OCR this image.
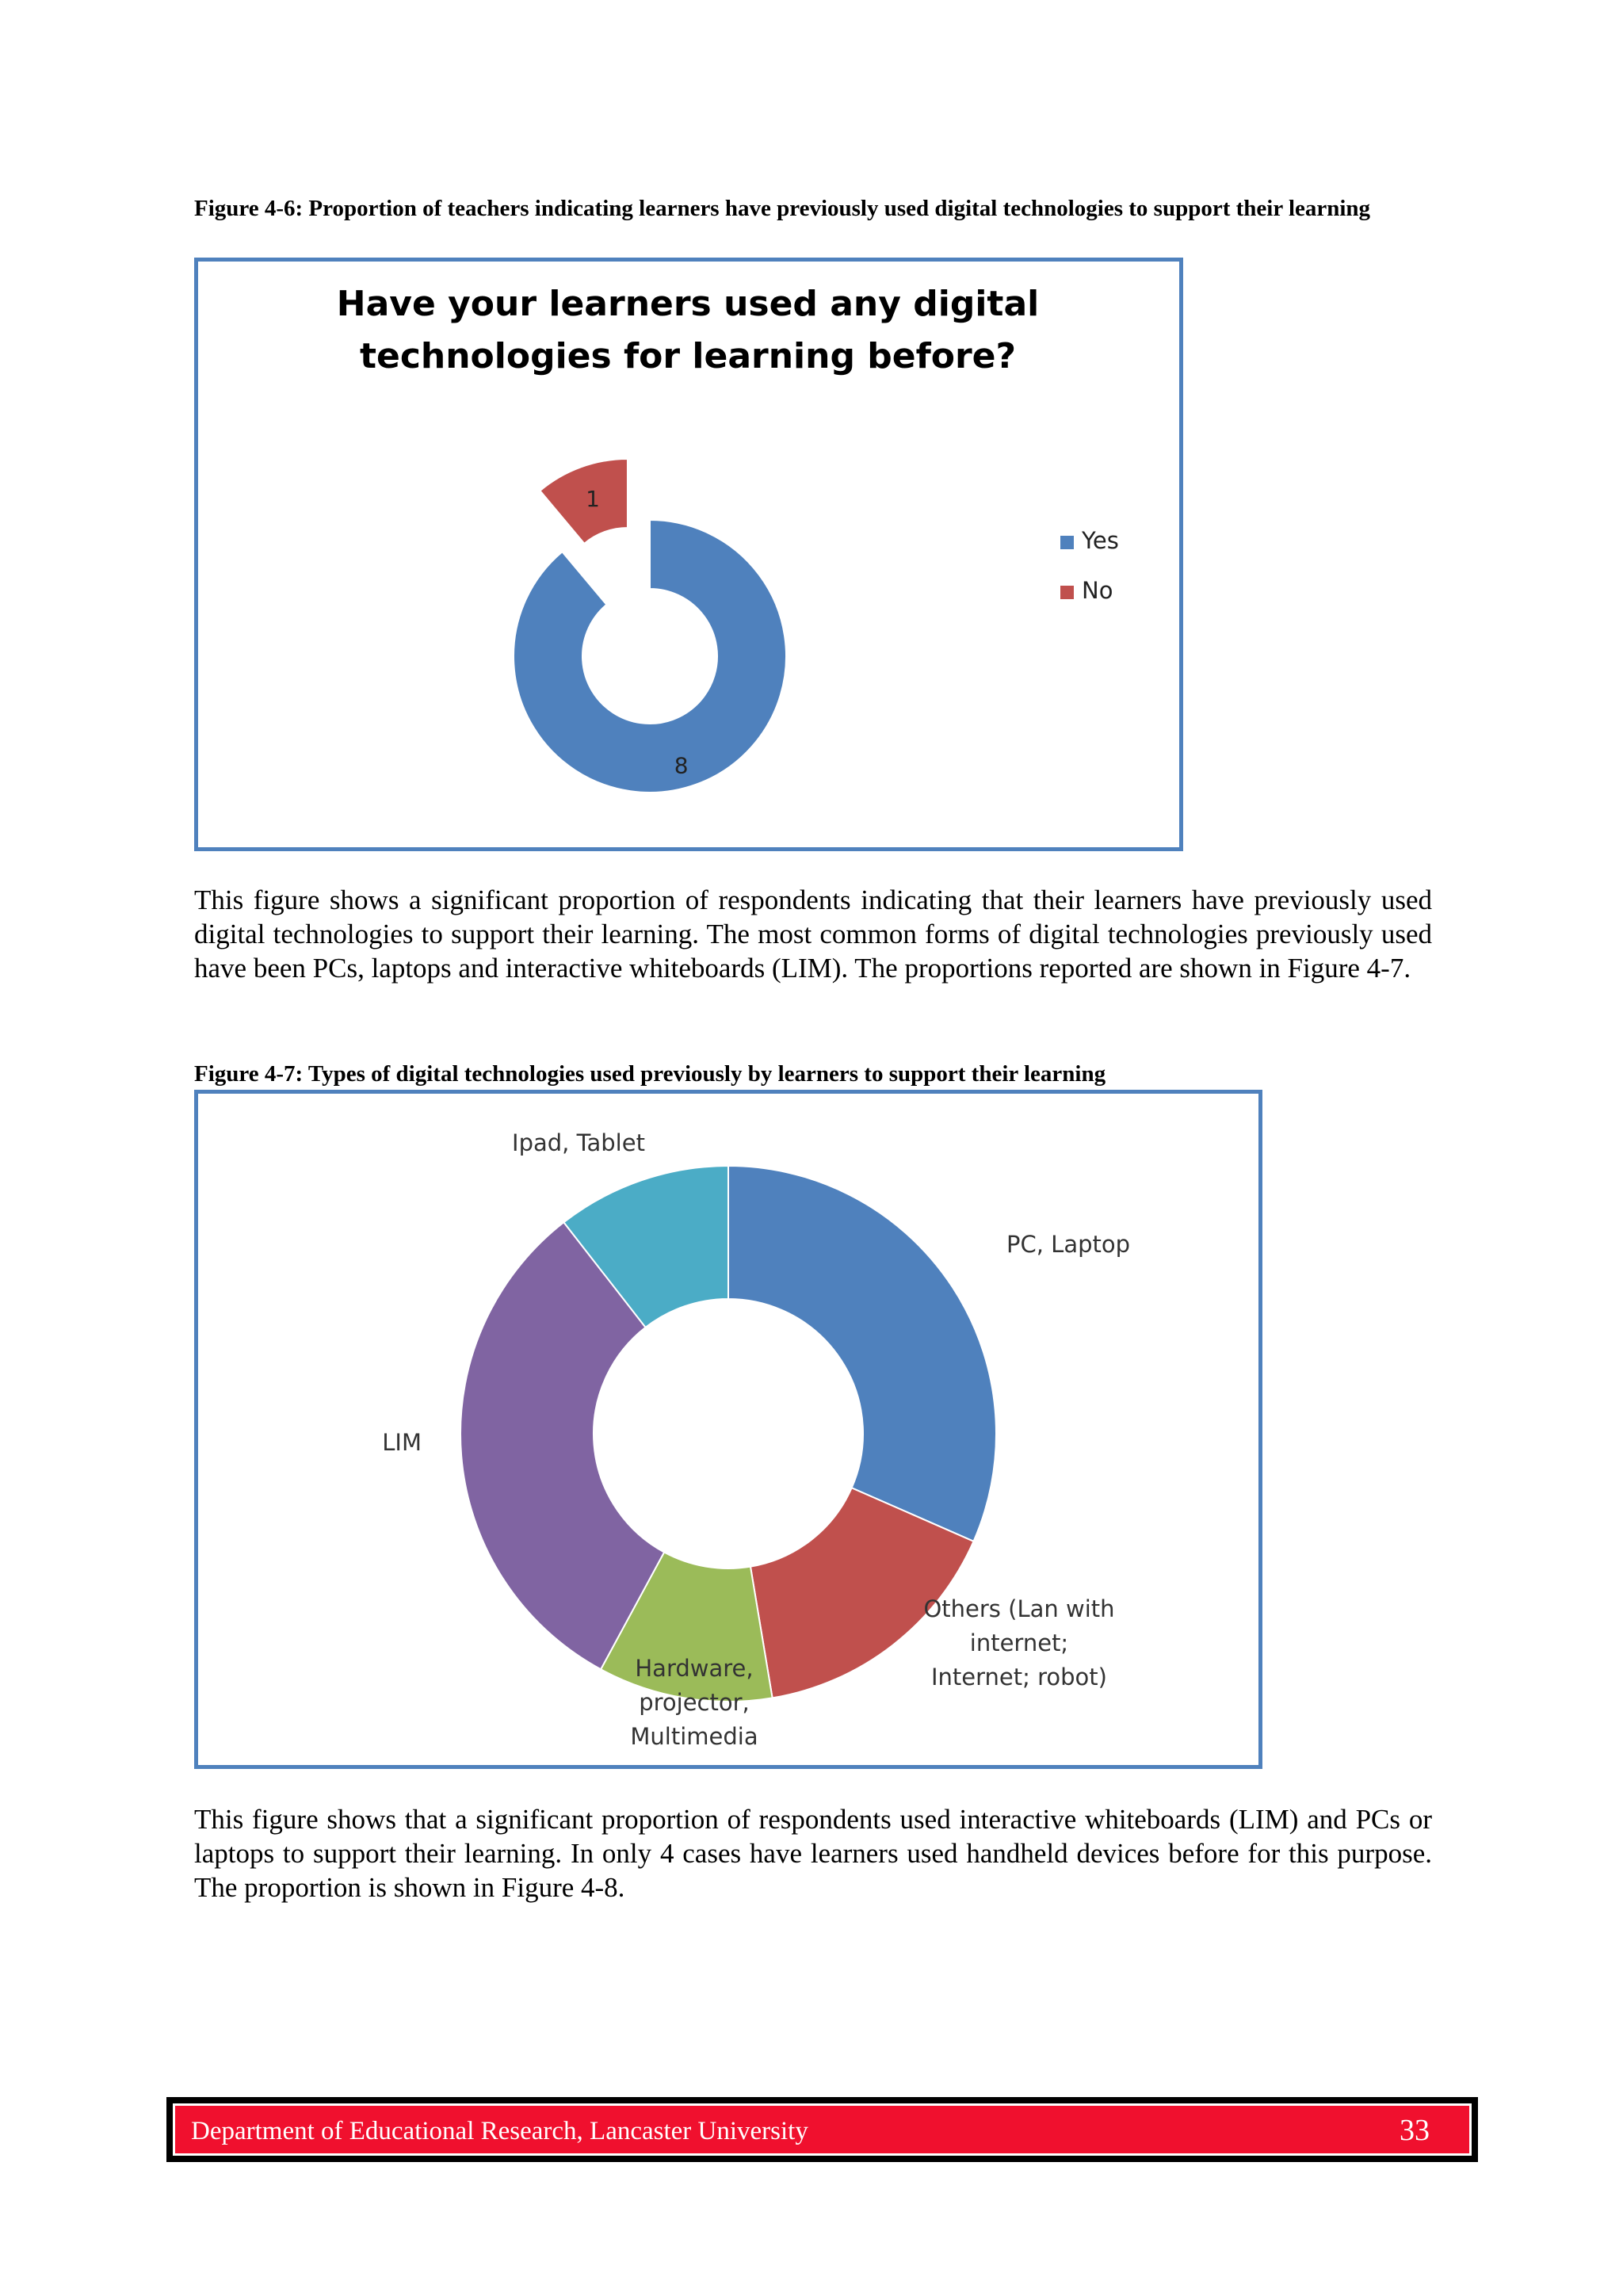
Figure 4-6: Proportion of teachers indicating learners have previously used digital technologies to support their learning

Have your learners used any digital
technologies for learning before?
8
1
Yes
No

This figure shows a significant proportion of respondents indicating that their learners have previously used digital technologies to support their learning. The most common forms of digital technologies previously used have been PCs, laptops and interactive whiteboards (LIM). The proportions reported are shown in Figure 4-7.

Figure 4-7: Types of digital technologies used previously by learners to support their learning

PC, Laptop
Others (Lan with
internet;
Internet; robot)
Hardware,
projector,
Multimedia
LIM
Ipad, Tablet

This figure shows that a significant proportion of respondents used interactive whiteboards (LIM) and PCs or laptops to support their learning. In only 4 cases have learners used handheld devices before for this purpose. The proportion is shown in Figure 4-8.

Department of Educational Research, Lancaster University	33
